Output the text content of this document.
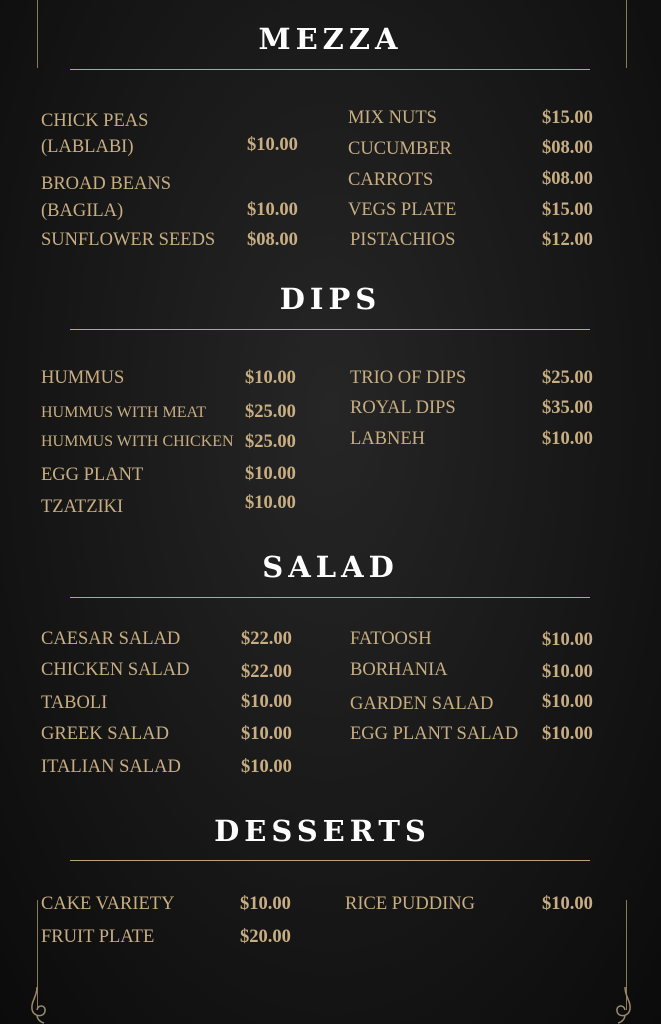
MEZZA
CHICK PEAS
(LABLABI)	$10.00
BROAD BEANS
(BAGILA)	$10.00
SUNFLOWER SEEDS $08.00
MIX NUTS	$15.00
CUCUMBER	$08.00
CARROTS	$08.00
VEGS PLATE	$15.00
PISTACHIOS	$12.00
DIPS
HUMMUS	$10.00
HUMMUS WITH MEAT $25.00
HUMMUS WITH CHICKEN $25.00
EGG PLANT	$10.00
TZATZIKI	$10.00
TRIO OF DIPS	$25.00
ROYAL DIPS	$35.00
LABNEH	$10.00
SALAD
CAESAR SALAD	$22.00
CHICKEN SALAD	$22.00
TABOLI	$10.00
GREEK SALAD	$10.00
ITALIAN SALAD	$10.00
FATOOSH	$10.00
BORHANIA	$10.00
GARDEN SALAD	$10.00
EGG PLANT SALAD $10.00
DESSERTS
CAKE VARIETY	$10.00
FRUIT PLATE	$20.00
RICE PUDDING	$10.00
